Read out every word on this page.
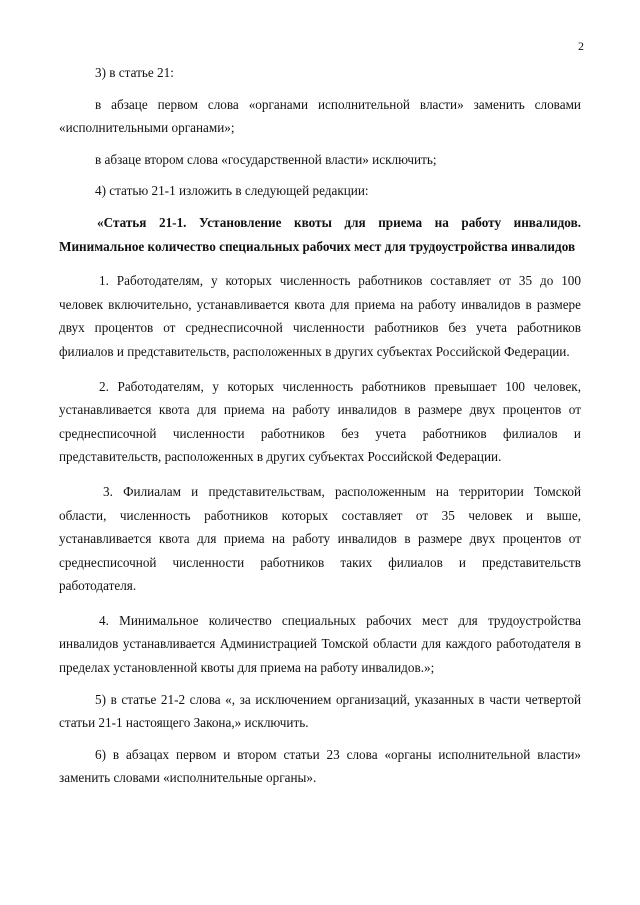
2

3) в статье 21:

в абзаце первом слова «органами исполнительной власти» заменить словами «исполнительными органами»;

в абзаце втором слова «государственной власти» исключить;

4) статью 21-1 изложить в следующей редакции:

«Статья 21-1. Установление квоты для приема на работу инвалидов. Минимальное количество специальных рабочих мест для трудоустройства инвалидов

1. Работодателям, у которых численность работников составляет от 35 до 100 человек включительно, устанавливается квота для приема на работу инвалидов в размере двух процентов от среднесписочной численности работников без учета работников филиалов и представительств, расположенных в других субъектах Российской Федерации.

2. Работодателям, у которых численность работников превышает 100 человек, устанавливается квота для приема на работу инвалидов в размере двух процентов от среднесписочной численности работников без учета работников филиалов и представительств, расположенных в других субъектах Российской Федерации.

3. Филиалам и представительствам, расположенным на территории Томской области, численность работников которых составляет от 35 человек и выше, устанавливается квота для приема на работу инвалидов в размере двух процентов от среднесписочной численности работников таких филиалов и представительств работодателя.

4. Минимальное количество специальных рабочих мест для трудоустройства инвалидов устанавливается Администрацией Томской области для каждого работодателя в пределах установленной квоты для приема на работу инвалидов.»;

5) в статье 21-2 слова «, за исключением организаций, указанных в части четвертой статьи 21-1 настоящего Закона,» исключить.

6) в абзацах первом и втором статьи 23 слова «органы исполнительной власти» заменить словами «исполнительные органы».
